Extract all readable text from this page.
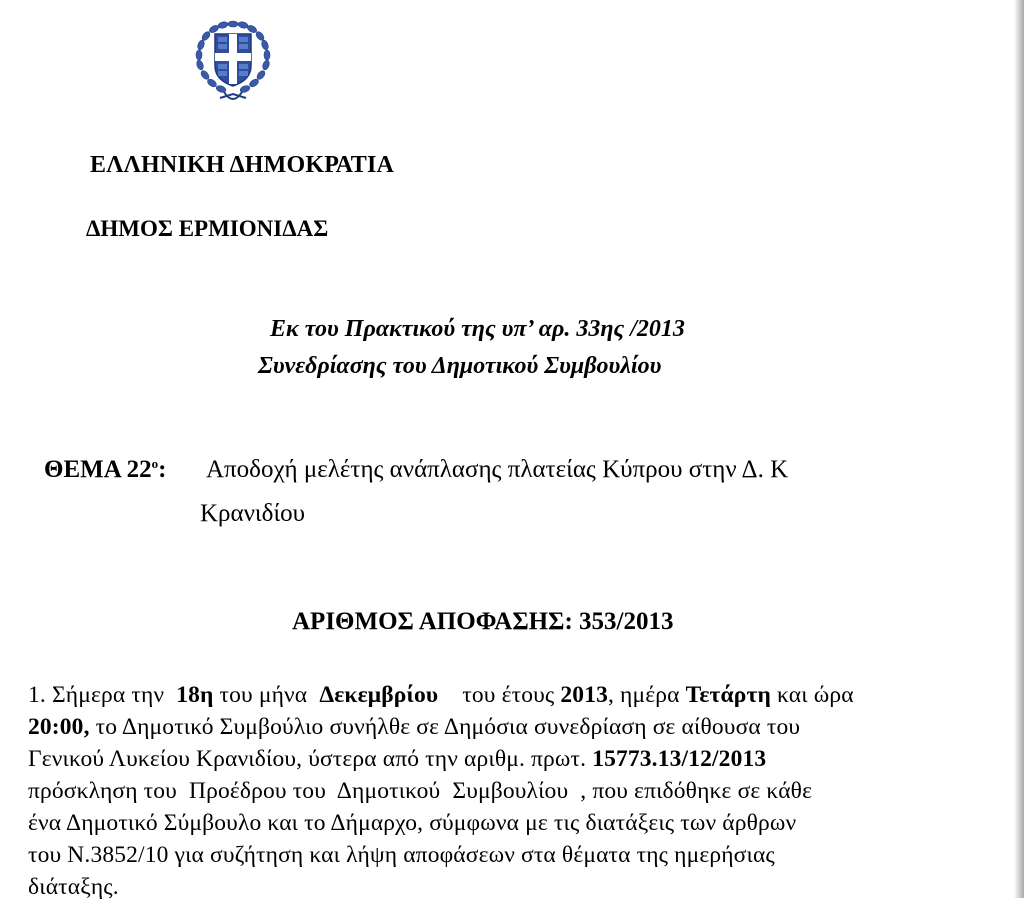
ΕΛΛΗΝΙΚΗ ΔΗΜΟΚΡΑΤΙΑ
ΔΗΜΟΣ ΕΡΜΙΟΝΙΔΑΣ
Εκ του Πρακτικού της υπ’ αρ. 33ης /2013
Συνεδρίασης του Δημοτικού Συμβουλίου
ΘΕΜΑ $22^o$: Αποδοχή μελέτης ανάπλασης πλατείας Κύπρου στην Δ. Κ
Κρανιδίου
ΑΡΙΘΜΟΣ ΑΠΟΦΑΣΗΣ: 353/2013
1. Σήμερα την  18η του μήνα  Δεκεμβρίου    του έτους 2013, ημέρα Τετάρτη και ώρα
20:00, το Δημοτικό Συμβούλιο συνήλθε σε Δημόσια συνεδρίαση σε αίθουσα του
Γενικού Λυκείου Κρανιδίου, ύστερα από την αριθμ. πρωτ. 15773.13/12/2013
πρόσκληση του  Προέδρου του  Δημοτικού  Συμβουλίου  , που επιδόθηκε σε κάθε
ένα Δημοτικό Σύμβουλο και το Δήμαρχο, σύμφωνα με τις διατάξεις των άρθρων
του Ν.3852/10 για συζήτηση και λήψη αποφάσεων στα θέματα της ημερήσιας
διάταξης.
